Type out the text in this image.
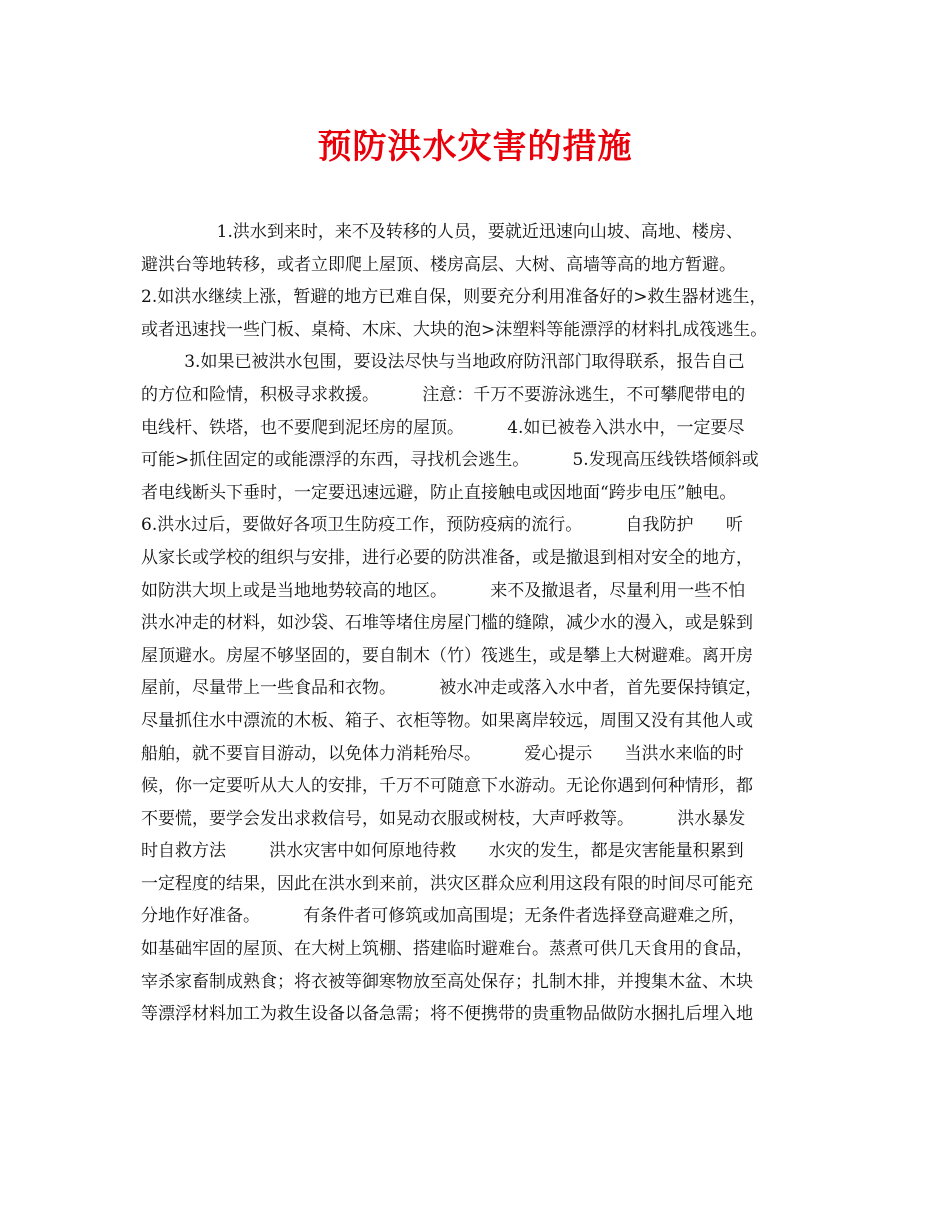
预防洪水灾害的措施
1.洪水到来时，来不及转移的人员，要就近迅速向山坡、高地、楼房、
避洪台等地转移，或者立即爬上屋顶、楼房高层、大树、高墙等高的地方暂避。
2.如洪水继续上涨，暂避的地方已难自保，则要充分利用准备好的>救生器材逃生，
或者迅速找一些门板、桌椅、木床、大块的泡>沫塑料等能漂浮的材料扎成筏逃生。
3.如果已被洪水包围，要设法尽快与当地政府防汛部门取得联系，报告自己
的方位和险情，积极寻求救援。        注意：千万不要游泳逃生，不可攀爬带电的
电线杆、铁塔，也不要爬到泥坯房的屋顶。        4.如已被卷入洪水中，一定要尽
可能>抓住固定的或能漂浮的东西，寻找机会逃生。        5.发现高压线铁塔倾斜或
者电线断头下垂时，一定要迅速远避，防止直接触电或因地面“跨步电压”触电。
6.洪水过后，要做好各项卫生防疫工作，预防疫病的流行。        自我防护      听
从家长或学校的组织与安排，进行必要的防洪准备，或是撤退到相对安全的地方，
如防洪大坝上或是当地地势较高的地区。        来不及撤退者，尽量利用一些不怕
洪水冲走的材料，如沙袋、石堆等堵住房屋门槛的缝隙，减少水的漫入，或是躲到
屋顶避水。房屋不够坚固的，要自制木（竹）筏逃生，或是攀上大树避难。离开房
屋前，尽量带上一些食品和衣物。        被水冲走或落入水中者，首先要保持镇定，
尽量抓住水中漂流的木板、箱子、衣柜等物。如果离岸较远，周围又没有其他人或
船舶，就不要盲目游动，以免体力消耗殆尽。        爱心提示      当洪水来临的时
候，你一定要听从大人的安排，千万不可随意下水游动。无论你遇到何种情形，都
不要慌，要学会发出求救信号，如晃动衣服或树枝，大声呼救等。        洪水暴发
时自救方法        洪水灾害中如何原地待救      水灾的发生，都是灾害能量积累到
一定程度的结果，因此在洪水到来前，洪灾区群众应利用这段有限的时间尽可能充
分地作好准备。        有条件者可修筑或加高围堤；无条件者选择登高避难之所，
如基础牢固的屋顶、在大树上筑棚、搭建临时避难台。蒸煮可供几天食用的食品，
宰杀家畜制成熟食；将衣被等御寒物放至高处保存；扎制木排，并搜集木盆、木块
等漂浮材料加工为救生设备以备急需；将不便携带的贵重物品做防水捆扎后埋入地
